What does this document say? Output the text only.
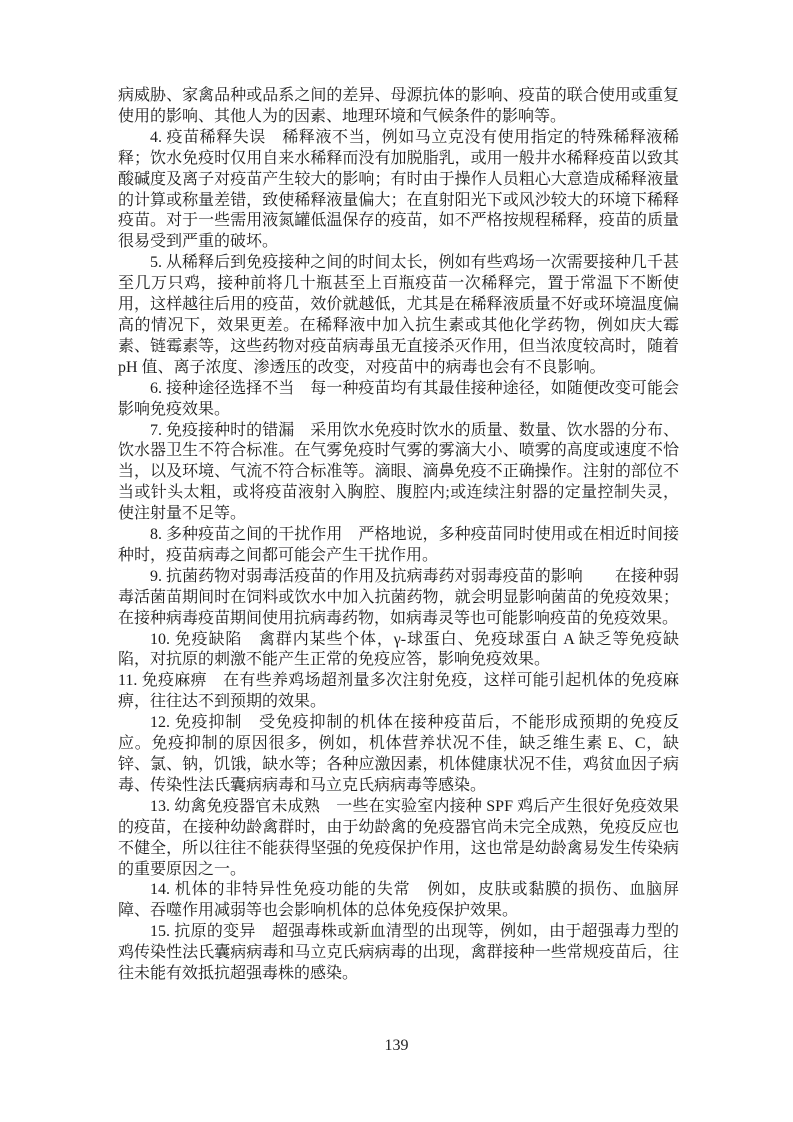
病威胁、家禽品种或品系之间的差异、母源抗体的影响、疫苗的联合使用或重复使用的影响、其他人为的因素、地理环境和气候条件的影响等。

4. 疫苗稀释失误　稀释液不当，例如马立克没有使用指定的特殊稀释液稀释；饮水免疫时仅用自来水稀释而没有加脱脂乳，或用一般井水稀释疫苗以致其酸碱度及离子对疫苗产生较大的影响；有时由于操作人员粗心大意造成稀释液量的计算或称量差错，致使稀释液量偏大；在直射阳光下或风沙较大的环境下稀释疫苗。对于一些需用液氮罐低温保存的疫苗，如不严格按规程稀释，疫苗的质量很易受到严重的破坏。

5. 从稀释后到免疫接种之间的时间太长，例如有些鸡场一次需要接种几千甚至几万只鸡，接种前将几十瓶甚至上百瓶疫苗一次稀释完，置于常温下不断使用，这样越往后用的疫苗，效价就越低，尤其是在稀释液质量不好或环境温度偏高的情况下，效果更差。在稀释液中加入抗生素或其他化学药物，例如庆大霉素、链霉素等，这些药物对疫苗病毒虽无直接杀灭作用，但当浓度较高时，随着 pH 值、离子浓度、渗透压的改变，对疫苗中的病毒也会有不良影响。

6. 接种途径选择不当　每一种疫苗均有其最佳接种途径，如随便改变可能会影响免疫效果。

7. 免疫接种时的错漏　采用饮水免疫时饮水的质量、数量、饮水器的分布、饮水器卫生不符合标准。在气雾免疫时气雾的雾滴大小、喷雾的高度或速度不恰当，以及环境、气流不符合标准等。滴眼、滴鼻免疫不正确操作。注射的部位不当或针头太粗，或将疫苗液射入胸腔、腹腔内;或连续注射器的定量控制失灵，使注射量不足等。

8. 多种疫苗之间的干扰作用　严格地说，多种疫苗同时使用或在相近时间接种时，疫苗病毒之间都可能会产生干扰作用。

9. 抗菌药物对弱毒活疫苗的作用及抗病毒药对弱毒疫苗的影响　　在接种弱毒活菌苗期间时在饲料或饮水中加入抗菌药物，就会明显影响菌苗的免疫效果；在接种病毒疫苗期间使用抗病毒药物，如病毒灵等也可能影响疫苗的免疫效果。

10. 免疫缺陷　禽群内某些个体，γ-球蛋白、免疫球蛋白 A 缺乏等免疫缺陷，对抗原的刺激不能产生正常的免疫应答，影响免疫效果。

11. 免疫麻痹　在有些养鸡场超剂量多次注射免疫，这样可能引起机体的免疫麻痹，往往达不到预期的效果。

12. 免疫抑制　受免疫抑制的机体在接种疫苗后，不能形成预期的免疫反应。免疫抑制的原因很多，例如，机体营养状况不佳，缺乏维生素 E、C，缺锌、氯、钠，饥饿，缺水等；各种应激因素，机体健康状况不佳，鸡贫血因子病毒、传染性法氏囊病病毒和马立克氏病病毒等感染。

13. 幼禽免疫器官未成熟　一些在实验室内接种 SPF 鸡后产生很好免疫效果的疫苗，在接种幼龄禽群时，由于幼龄禽的免疫器官尚未完全成熟，免疫反应也不健全，所以往往不能获得坚强的免疫保护作用，这也常是幼龄禽易发生传染病的重要原因之一。

14. 机体的非特异性免疫功能的失常　例如，皮肤或黏膜的损伤、血脑屏障、吞噬作用减弱等也会影响机体的总体免疫保护效果。

15. 抗原的变异　超强毒株或新血清型的出现等，例如，由于超强毒力型的鸡传染性法氏囊病病毒和马立克氏病病毒的出现，禽群接种一些常规疫苗后，往往未能有效抵抗超强毒株的感染。

139
